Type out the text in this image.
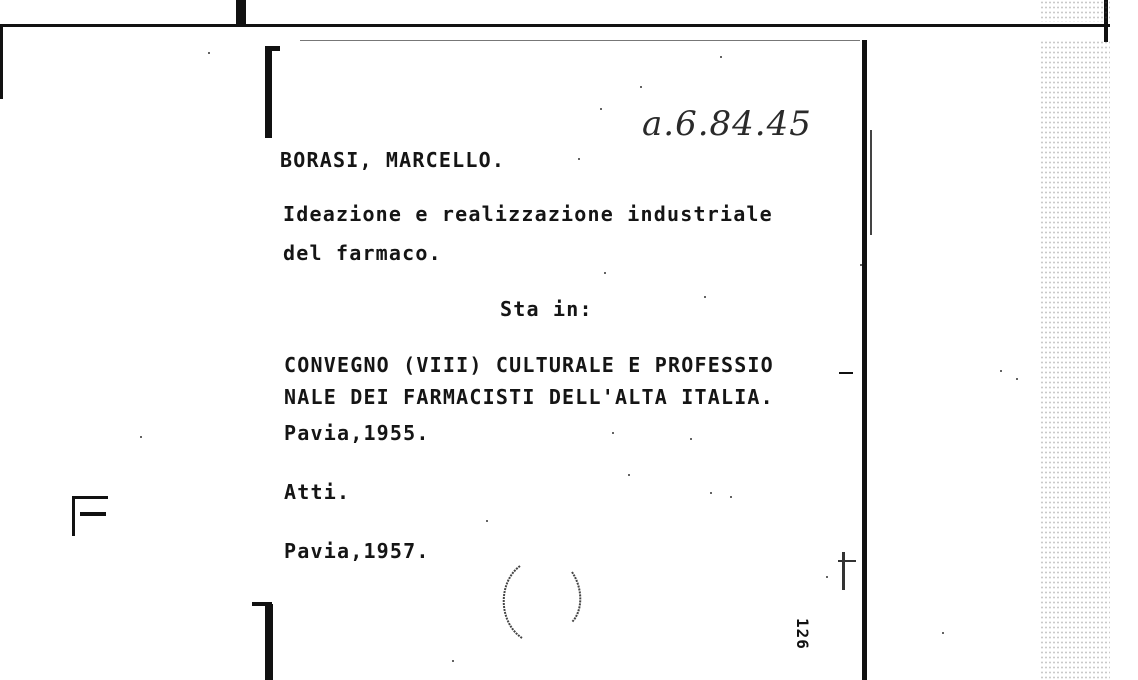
a.6.84.45
BORASI, MARCELLO.
Ideazione e realizzazione industriale
del farmaco.
Sta in:
CONVEGNO (VIII) CULTURALE E PROFESSIO
NALE DEI FARMACISTI DELL'ALTA ITALIA.
Pavia,1955.
Atti.
Pavia,1957.
126
